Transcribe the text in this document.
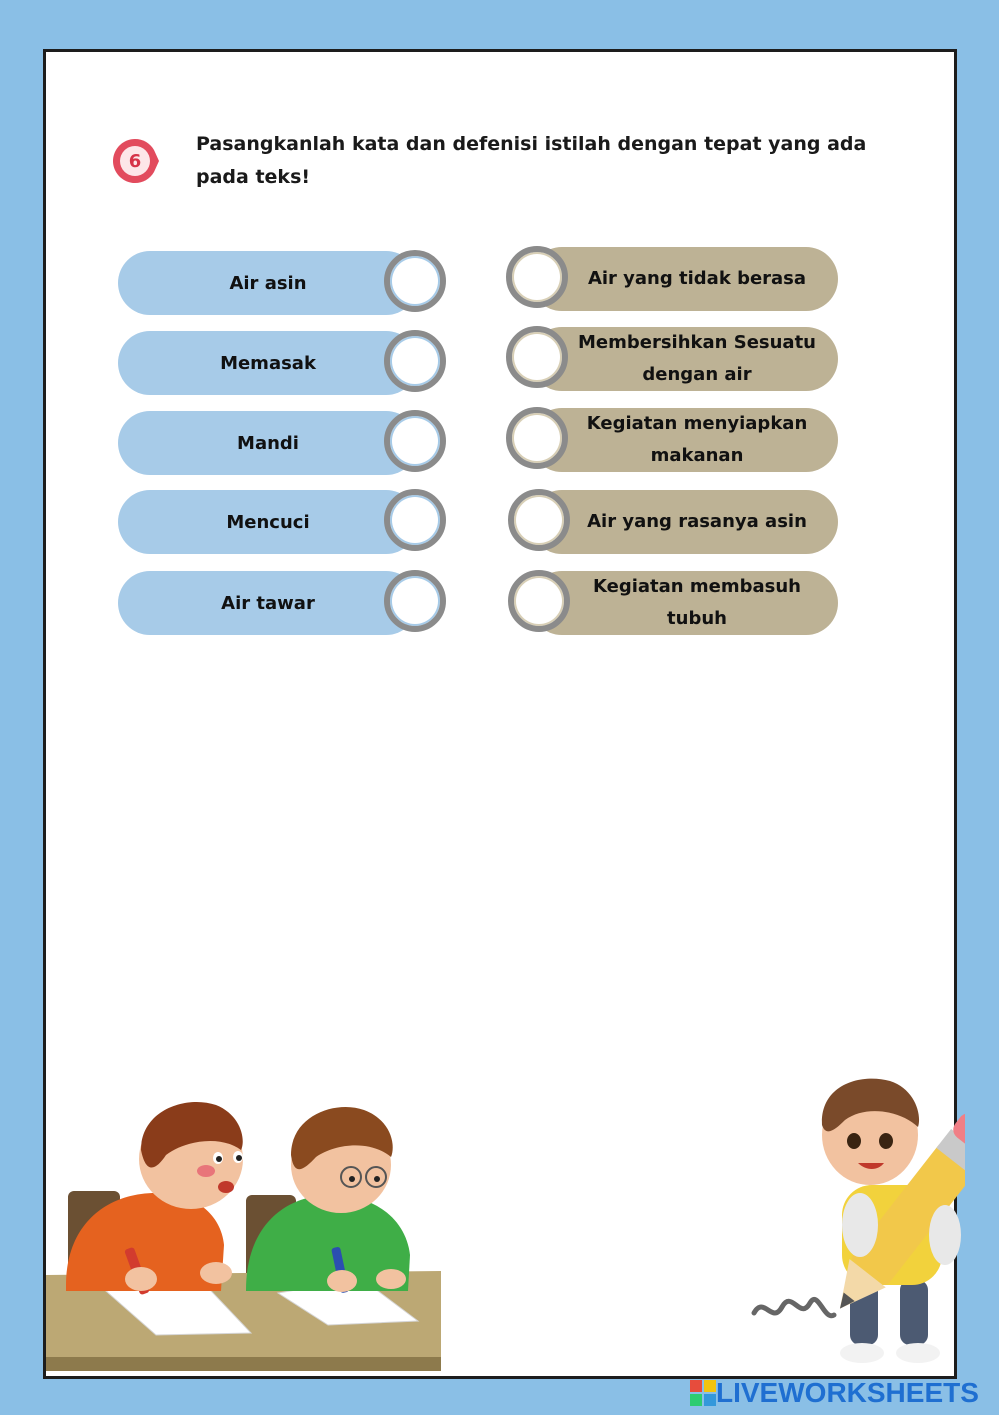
6
Pasangkanlah kata dan defenisi istilah dengan tepat yang ada pada teks!
Air asin
Memasak
Mandi
Mencuci
Air tawar
Air yang tidak berasa
Membersihkan Sesuatu dengan air
Kegiatan menyiapkan makanan
Air yang rasanya asin
Kegiatan membasuh tubuh
LIVEWORKSHEETS
